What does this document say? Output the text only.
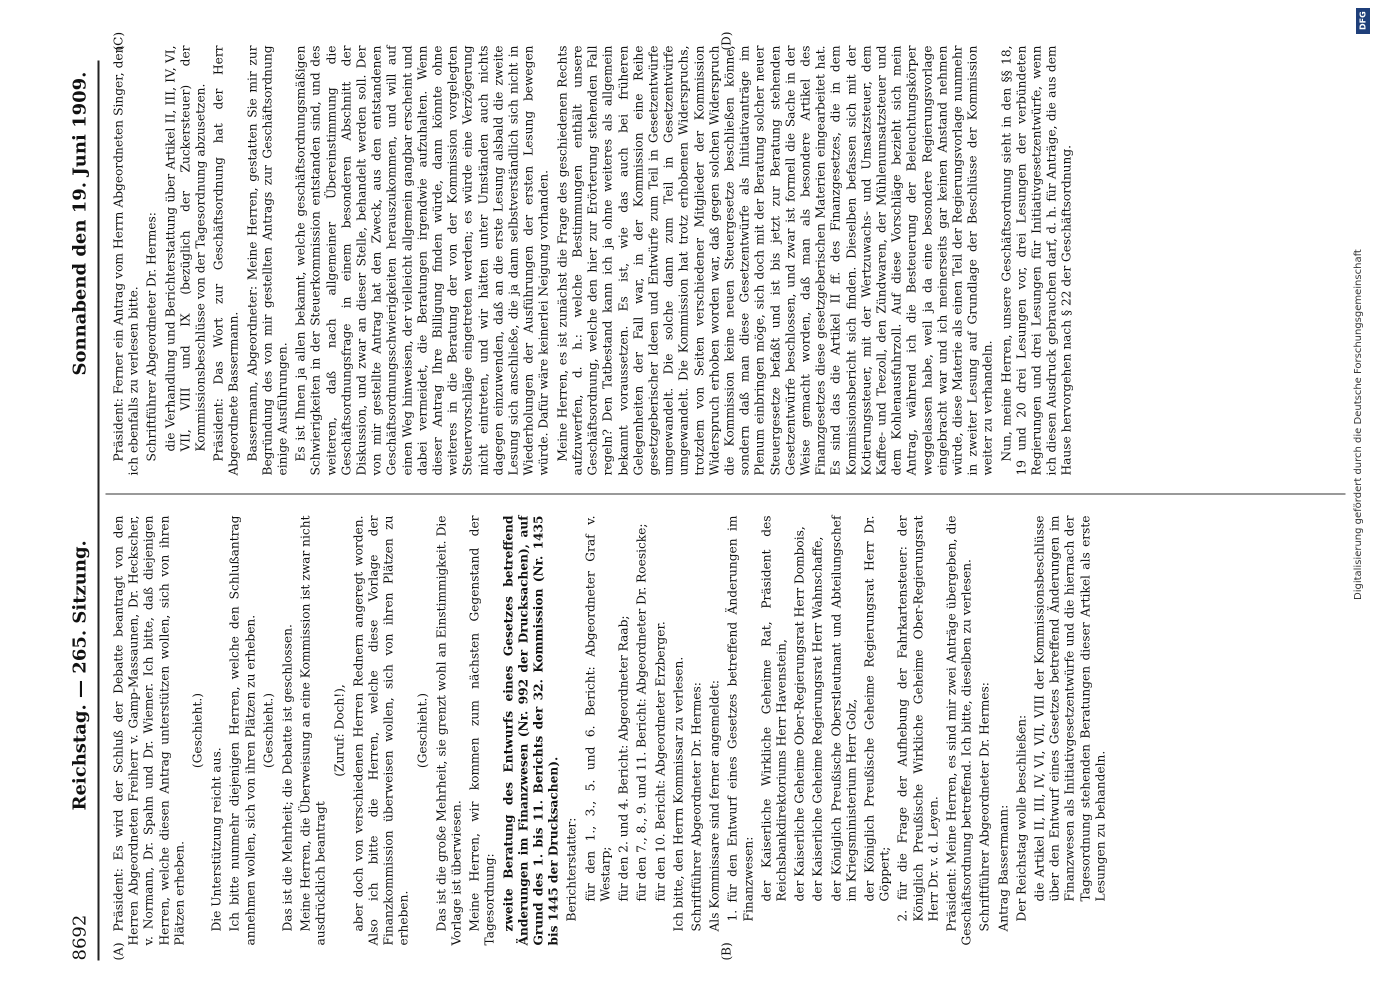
8692
Reichstag. — 265. Sitzung.
Sonnabend den 19. Juni 1909.
(A)	(B)
(C)	(D)

Präsident: Es wird der Schluß der Debatte beantragt von den Herren Abgeordneten Freiherr v. Gamp-Massaunen, Dr. Heckscher, v. Normann, Dr. Spahn und Dr. Wiemer. Ich bitte, daß diejenigen Herren, welche diesen Antrag unterstützen wollen, sich von ihren Plätzen erheben.

(Geschieht.)

Die Unterstützung reicht aus. Ich bitte nunmehr diejenigen Herren, welche den Schlußantrag annehmen wollen, sich von ihren Plätzen zu erheben. (Geschieht.) Das ist die Mehrheit; die Debatte ist geschlossen. Meine Herren, die Überweisung an eine Kommission ist zwar nicht ausdrücklich beantragt

(Zuruf: Doch!), aber doch von verschiedenen Herren Rednern angeregt worden. Also ich bitte die Herren, welche diese Vorlage der Finanzkommission überweisen wollen, sich von ihren Plätzen zu erheben.

(Geschieht.) Das ist die große Mehrheit, sie grenzt wohl an Einstimmigkeit. Die Vorlage ist überwiesen. Meine Herren, wir kommen zum nächsten Gegenstand der Tagesordnung: zweite Beratung des Entwurfs eines Gesetzes betreffend Änderungen im Finanzwesen (Nr. 992 der Drucksachen), auf Grund des 1. bis 11. Berichts der 32. Kommission (Nr. 1435 bis 1445 der Drucksachen). Berichterstatter: für den 1., 3., 5. und 6. Bericht: Abgeordneter Graf v. Westarp; für den 2. und 4. Bericht: Abgeordneter Raab; für den 7., 8., 9. und 11. Bericht: Abgeordneter Dr. Roesicke; für den 10. Bericht: Abgeordneter Erzberger. Ich bitte, den Herrn Kommissar zu verlesen. Schriftführer Abgeordneter Dr. Hermes: Als Kommissare sind ferner angemeldet: 1. für den Entwurf eines Gesetzes betreffend Änderungen im Finanzwesen: der Kaiserliche Wirkliche Geheime Rat, Präsident des Reichsbankdirektoriums Herr Havenstein, der Kaiserliche Geheime Ober-Regierungsrat Herr Dombois, der Kaiserliche Geheime Regierungsrat Herr Wahnschaffe, der Königlich Preußische Oberstleutnant und Abteilungschef im Kriegsministerium Herr Golz, der Königlich Preußische Geheime Regierungsrat Herr Dr. Göppert; 2. für die Frage der Aufhebung der Fahrkartensteuer: der Königlich Preußische Wirkliche Geheime Ober-Regierungsrat Herr Dr. v. d. Leyen. Präsident: Meine Herren, es sind mir zwei Anträge übergeben, die Geschäftsordnung betreffend. Ich bitte, dieselben zu verlesen. Schriftführer Abgeordneter Dr. Hermes: Antrag Bassermann: Der Reichstag wolle beschließen: die Artikel II, III, IV, VI, VII, VIII der Kommissionsbeschlüsse über den Entwurf eines Gesetzes betreffend Änderungen im Finanzwesen als Initiativgesetzentwürfe und die hiernach der Tagesordnung stehenden Beratungen dieser Artikel als erste Lesungen zu behandeln.

Präsident: Ferner ein Antrag vom Herrn Abgeordneten Singer, den ich ebenfalls zu verlesen bitte. Schriftführer Abgeordneter Dr. Hermes: die Verhandlung und Berichterstattung über Artikel II, III, IV, VI, VII, VIII und IX (bezüglich der Zuckersteuer) der Kommissionsbeschlüsse von der Tagesordnung abzusetzen. Präsident: Das Wort zur Geschäftsordnung hat der Herr Abgeordnete Bassermann. Bassermann, Abgeordneter: Meine Herren, gestatten Sie mir zur Begründung des von mir gestellten Antrags zur Geschäftsordnung einige Ausführungen. Es ist Ihnen ja allen bekannt, welche geschäftsordnungsmäßigen Schwierigkeiten in der Steuerkommission entstanden sind, und des weiteren, daß nach allgemeiner Übereinstimmung die Geschäftsordnungsfrage in einem besonderen Abschnitt der Diskussion, und zwar an dieser Stelle, behandelt werden soll. Der von mir gestellte Antrag hat den Zweck, aus den entstandenen Geschäftsordnungsschwierigkeiten herauszukommen, und will auf einen Weg hinweisen, der vielleicht allgemein gangbar erscheint und dabei vermeidet, die Beratungen irgendwie aufzuhalten. Wenn dieser Antrag Ihre Billigung finden würde, dann könnte ohne weiteres in die Beratung der von der Kommission vorgelegten Steuervorschläge eingetreten werden; es würde eine Verzögerung nicht eintreten, und wir hätten unter Umständen auch nichts dagegen einzuwenden, daß an die erste Lesung alsbald die zweite Lesung sich anschließe, die ja dann selbstverständlich sich nicht in Wiederholungen der Ausführungen der ersten Lesung bewegen würde. Dafür wäre keinerlei Neigung vorhanden. Meine Herren, es ist zunächst die Frage des geschiedenen Rechts aufzuwerfen, d. h.: welche Bestimmungen enthält unsere Geschäftsordnung, welche den hier zur Erörterung stehenden Fall regeln? Den Tatbestand kann ich ja ohne weiteres als allgemein bekannt voraussetzen. Es ist, wie das auch bei früheren Gelegenheiten der Fall war, in der Kommission eine Reihe gesetzgeberischer Ideen und Entwürfe zum Teil in Gesetzentwürfe umgewandelt. Die solche dann zum Teil in Gesetzentwürfe umgewandelt. Die Kommission hat trotz erhobenen Widerspruchs, trotzdem von Seiten verschiedener Mitglieder der Kommission Widerspruch erhoben worden war, daß gegen solchen Widerspruch die Kommission keine neuen Steuergesetze beschließen könne, sondern daß man diese Gesetzentwürfe als Initiativanträge im Plenum einbringen möge, sich doch mit der Beratung solcher neuer Steuergesetze befaßt und ist bis jetzt zur Beratung stehenden Gesetzentwürfe beschlossen, und zwar ist formell die Sache in der Weise gemacht worden, daß man als besondere Artikel des Finanzgesetzes diese gesetzgeberischen Materien eingearbeitet hat. Es sind das die Artikel II ff. des Finanzgesetzes, die in dem Kommissionsbericht sich finden. Dieselben befassen sich mit der Kotierungssteuer, mit der Wertzuwachs- und Umsatzsteuer, dem Kaffee- und Teezoll, den Zündwaren, der Mühlenumsatzsteuer und dem Kohlenausfuhrzoll. Auf diese Vorschläge bezieht sich mein Antrag, während ich die Besteuerung der Beleuchtungskörper weggelassen habe, weil ja da eine besondere Regierungsvorlage eingebracht war und ich meinerseits gar keinen Anstand nehmen würde, diese Materie als einen Teil der Regierungsvorlage nunmehr in zweiter Lesung auf Grundlage der Beschlüsse der Kommission weiter zu verhandeln. Nun, meine Herren, unsere Geschäftsordnung sieht in den §§ 18, 19 und 20 drei Lesungen vor, drei Lesungen der verbündeten Regierungen und drei Lesungen für Initiativgesetzentwürfe, wenn ich diesen Ausdruck gebrauchen darf, d. h. für Anträge, die aus dem Hause hervorgehen nach § 22 der Geschäftsordnung.

DFG
Digitalisierung gefördert durch die Deutsche Forschungsgemeinschaft
